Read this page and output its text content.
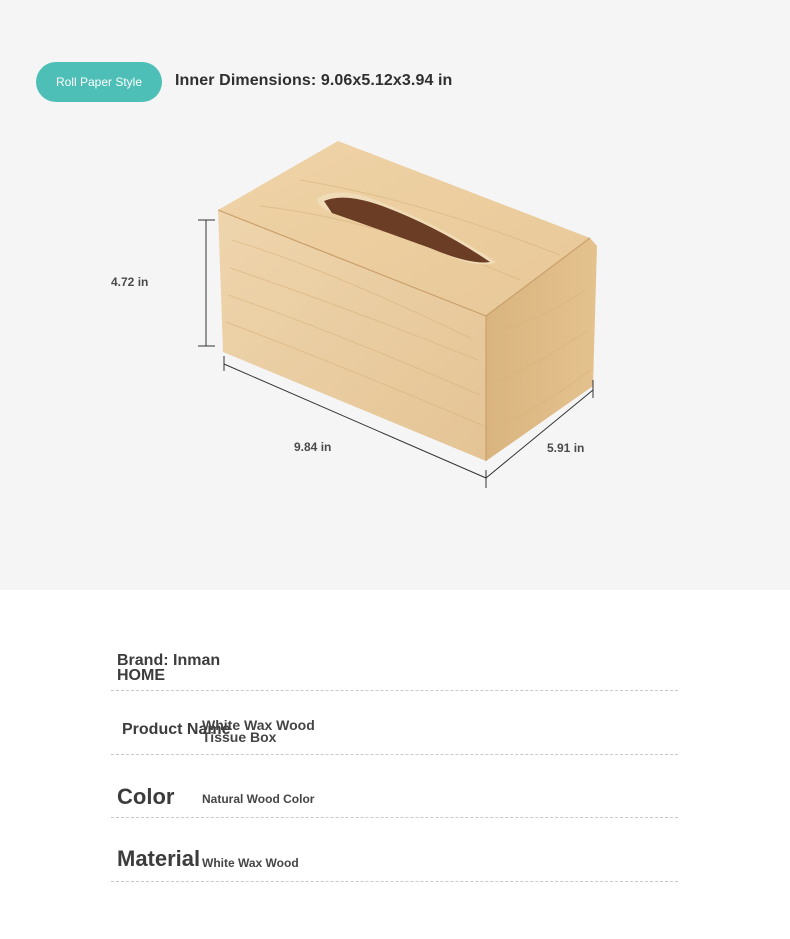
Roll Paper Style	Inner Dimensions: 9.06x5.12x3.94 in
4.72 in
9.84 in	5.91 in
Brand: Inman HOME
Product Name
White Wax Wood Tissue Box
Color Natural Wood Color
Material White Wax Wood
